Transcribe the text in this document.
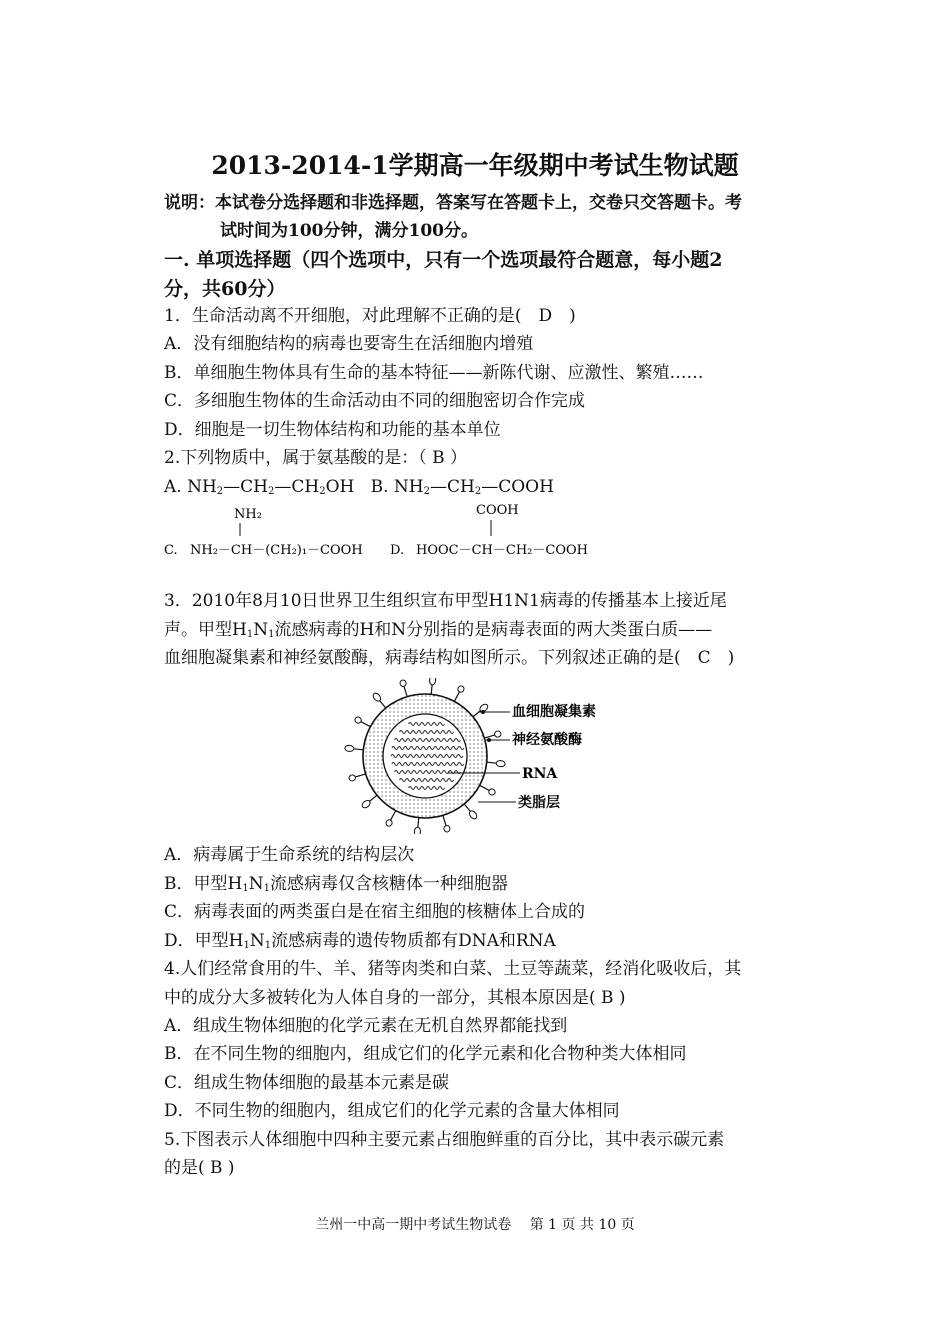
2013-2014-1学期高一年级期中考试生物试题
说明：本试卷分选择题和非选择题，答案写在答题卡上，交卷只交答题卡。考
试时间为100分钟，满分100分。
一. 单项选择题（四个选项中，只有一个选项最符合题意，每小题2
分，共60分）
1．生命活动离不开细胞，对此理解不正确的是(　D　)
A．没有细胞结构的病毒也要寄生在活细胞内增殖
B．单细胞生物体具有生命的基本特征——新陈代谢、应激性、繁殖……
C．多细胞生物体的生命活动由不同的细胞密切合作完成
D．细胞是一切生物体结构和功能的基本单位
2.下列物质中，属于氨基酸的是：（ B ）
A. $NH_2—CH_2—CH_2OH$ B. $NH_2—CH_2—COOH$
C.
NH₂
NH₂－CH－(CH₂)₁－COOH D.
COOH
HOOC－CH－CH₂－COOH
3．2010年8月10日世界卫生组织宣布甲型H1N1病毒的传播基本上接近尾
声。甲型$H_1N_1$流感病毒的H和N分别指的是病毒表面的两大类蛋白质——
血细胞凝集素和神经氨酸酶，病毒结构如图所示。下列叙述正确的是(　C　)
血细胞凝集素
神经氨酸酶
RNA
类脂层
A．病毒属于生命系统的结构层次
B．甲型$H_1N_1$流感病毒仅含核糖体一种细胞器
C．病毒表面的两类蛋白是在宿主细胞的核糖体上合成的
D．甲型$H_1N_1$流感病毒的遗传物质都有DNA和RNA
4.人们经常食用的牛、羊、猪等肉类和白菜、土豆等蔬菜，经消化吸收后，其
中的成分大多被转化为人体自身的一部分，其根本原因是( B )
A．组成生物体细胞的化学元素在无机自然界都能找到
B．在不同生物的细胞内，组成它们的化学元素和化合物种类大体相同
C．组成生物体细胞的最基本元素是碳
D．不同生物的细胞内，组成它们的化学元素的含量大体相同
5.下图表示人体细胞中四种主要元素占细胞鲜重的百分比，其中表示碳元素
的是( B )
兰州一中高一期中考试生物试卷　 第 1 页 共 10 页
